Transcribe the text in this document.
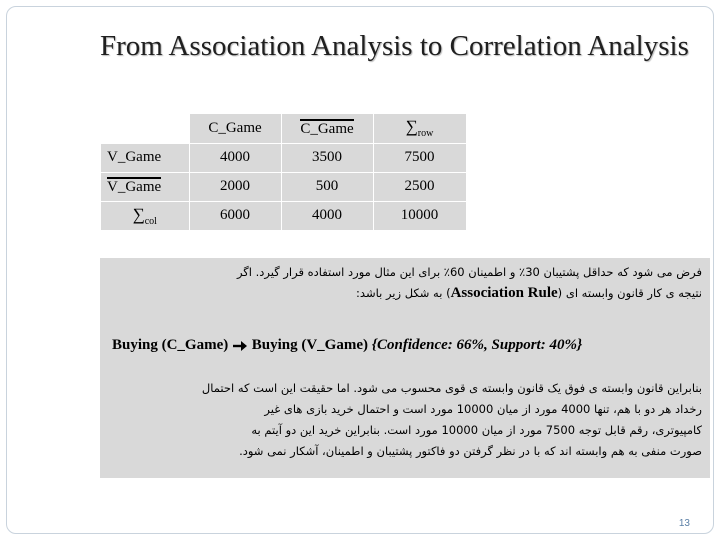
From Association Analysis to Correlation Analysis
	C_Game	C_Game	$\sum_{row}$
V_Game	4000	3500	7500
V_Game	2000	500	2500
$\sum_{col}$	6000	4000	10000
فرض می شود که حداقل پشتیبان 30٪ و اطمینان 60٪ برای این مثال مورد استفاده قرار گیرد. اگر
نتیجه ی کار قانون وابسته ای (Association Rule) به شکل زیر باشد:
Buying (C_Game) Buying (V_Game) {Confidence: 66%, Support: 40%}
بنابراین قانون وابسته ی فوق یک قانون وابسته ی قوی محسوب می شود. اما حقیقت این است که احتمال
رخداد هر دو با هم، تنها 4000 مورد از میان 10000 مورد است و احتمال خرید بازی های غیر
کامپیوتری، رقم قابل توجه 7500 مورد از میان 10000 مورد است. بنابراین خرید این دو آیتم به
صورت منفی به هم وابسته اند که با در نظر گرفتن دو فاکتور پشتیبان و اطمینان، آشکار نمی شود.
13
